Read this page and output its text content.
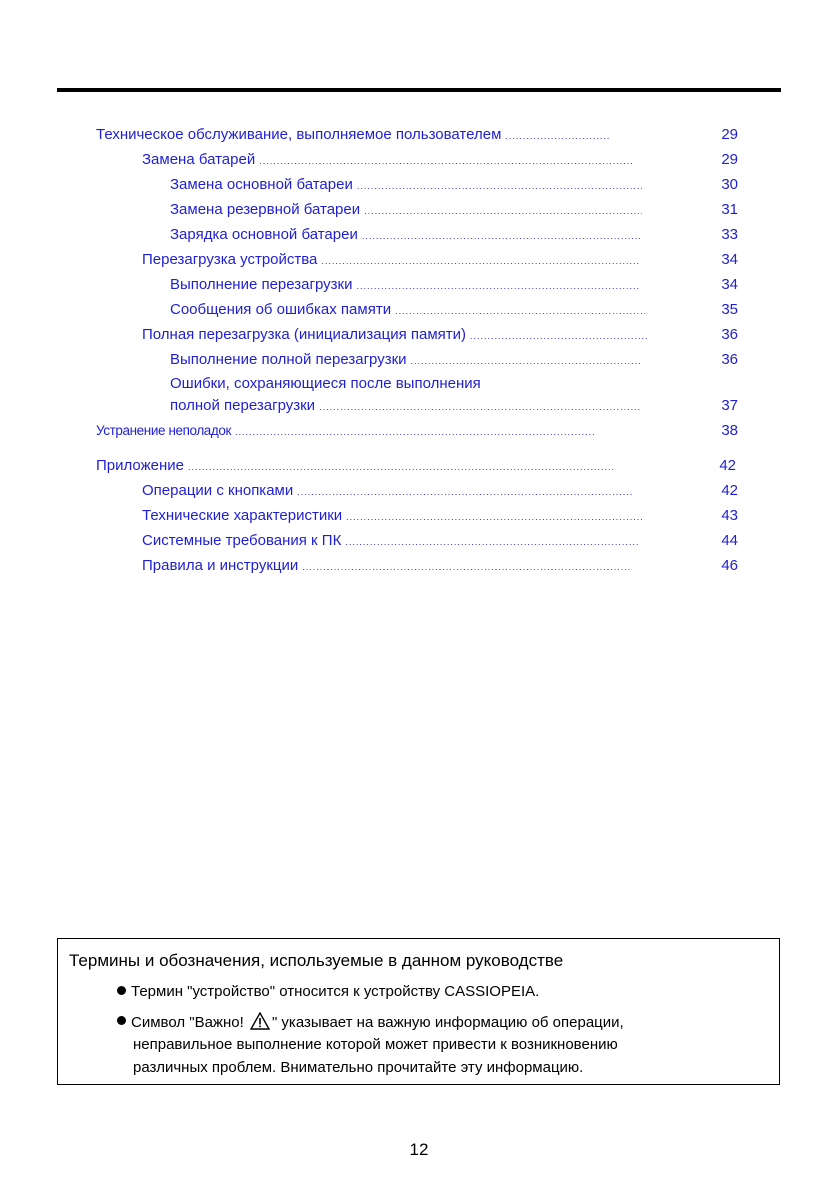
Техническое обслуживание, выполняемое пользователем .....	29
Замена батарей .....	29
Замена основной батареи .....	30
Замена резервной батареи .....	31
Зарядка основной батареи .....	33
Перезагрузка устройства .....	34
Выполнение перезагрузки .....	34
Сообщения об ошибках памяти .....	35
Полная перезагрузка (инициализация памяти) .....	36
Выполнение полной перезагрузки .....	36
Ошибки, сохраняющиеся после выполнения
полной перезагрузки .....	37
Устранение неполадок .....	38
Приложение .....	42
Операции с кнопками .....	42
Технические характеристики .....	43
Системные требования к ПК .....	44
Правила и инструкции .....	46
Термины и обозначения, используемые в данном руководстве
Термин "устройство" относится к устройству CASSIOPEIA.
Символ "Важно! " указывает на важную информацию об операции,
неправильное выполнение которой может привести к возникновению
различных проблем. Внимательно прочитайте эту информацию.
12
